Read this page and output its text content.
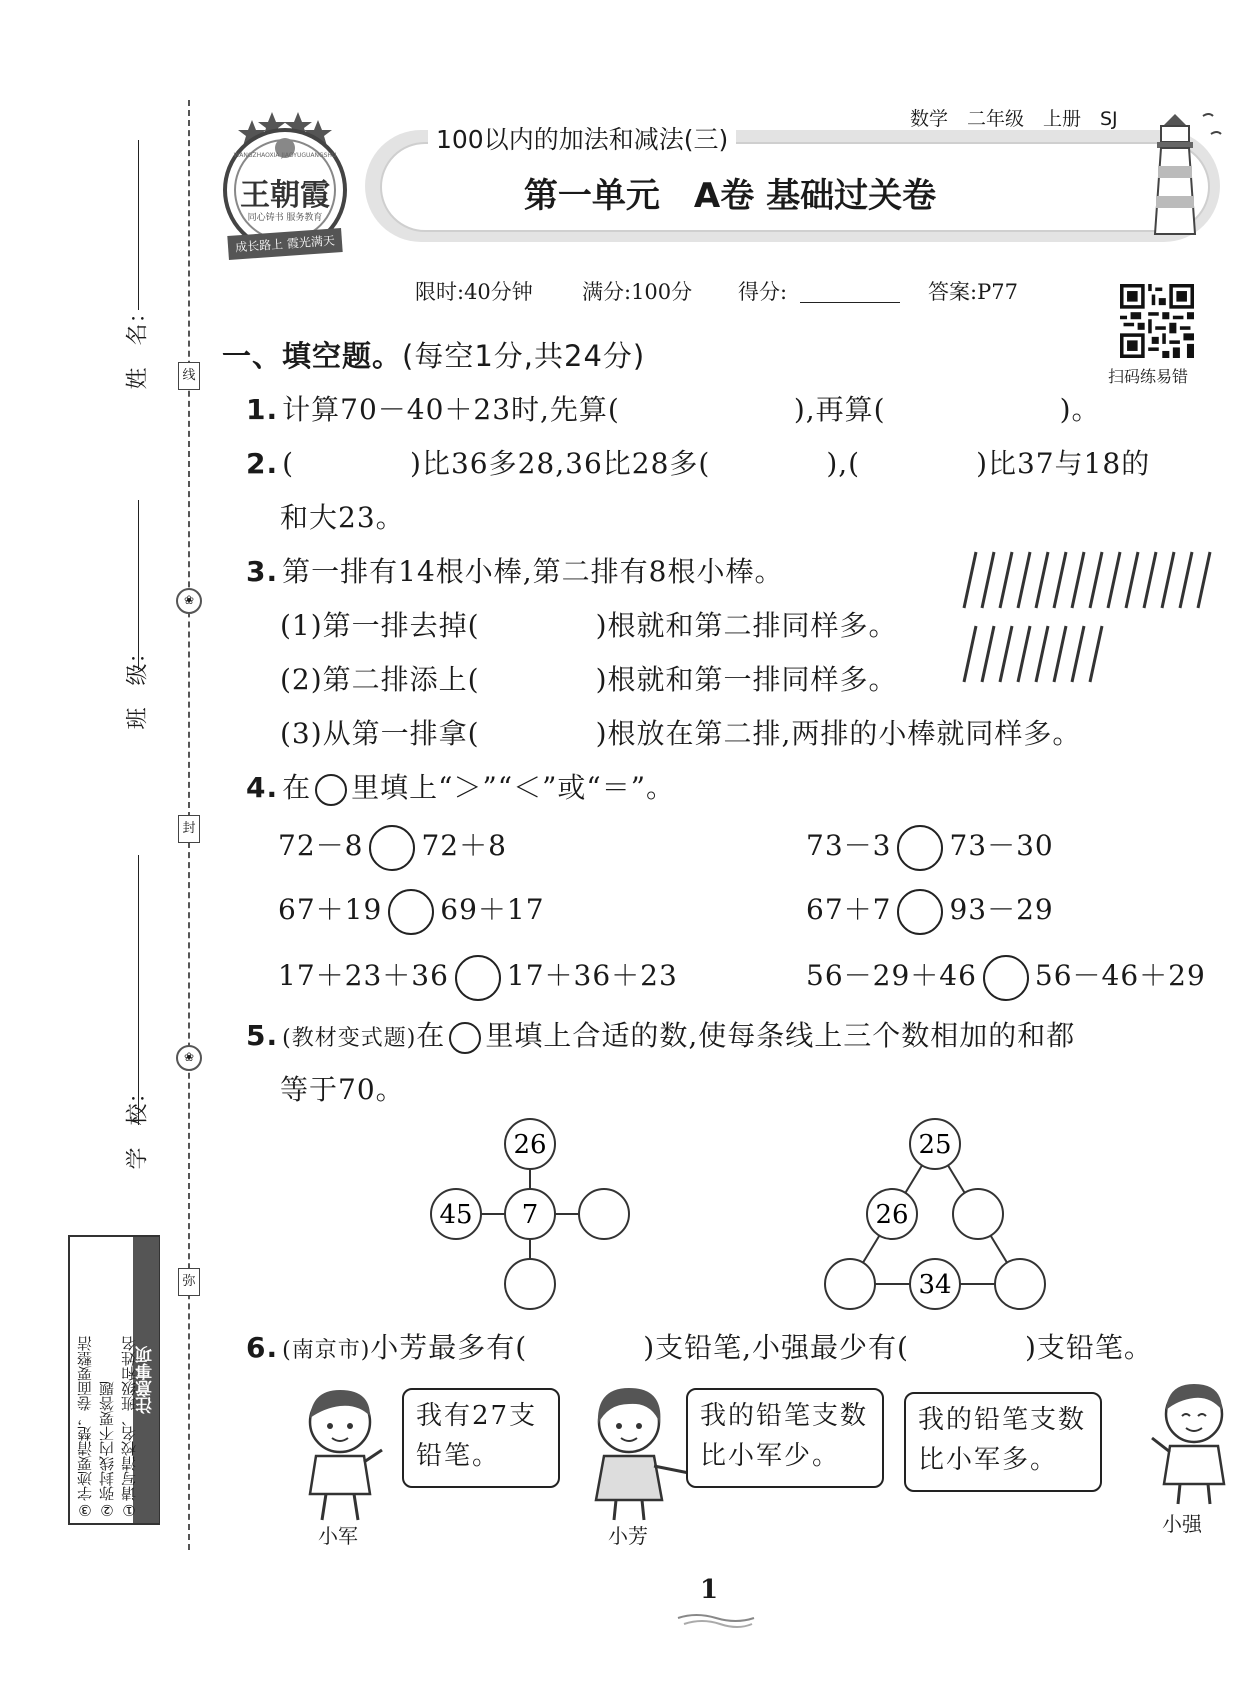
姓　名：
班　级：
学　校：
线
❀
封
❀
弥
注意事项
①请写清校名、班级和姓名
②弥封线内不要答题
③字迹要清楚，卷面要整洁
王朝霞
WANGZHAOXIA JIAOYUGUANGSHU
同心铸书 服务教育
成长路上 霞光满天
100以内的加法和减法(三)
数学　二年级　上册　SJ
第一单元　A卷 基础过关卷
限时:40分钟 满分:100分 得分:	答案:P77
扫码练易错
一、填空题。(每空1分,共24分)
1. 计算70－40＋23时,先算(　　　　　　),再算(　　　　　　)。
2. (　　　　)比36多28,36比28多(　　　　),(　　　　)比37与18的
和大23。
3. 第一排有14根小棒,第二排有8根小棒。
(1)第一排去掉(　　　　)根就和第二排同样多。
(2)第二排添上(　　　　)根就和第一排同样多。
(3)从第一排拿(　　　　)根放在第二排,两排的小棒就同样多。
4. 在 里填上“＞”“＜”或“＝”。
72－8 72＋8	73－3 73－30
67＋19 69＋17	67＋7 93－29
17＋23＋36 17＋36＋23	56－29＋46 56－46＋29
5. (教材变式题)在 里填上合适的数,使每条线上三个数相加的和都
等于70。
26
45 7
25
26
34
6. (南京市)小芳最多有(　　　　)支铅笔,小强最少有(　　　　)支铅笔。
我有27支
铅笔。
我的铅笔支数
比小军少。
我的铅笔支数
比小军多。
小军	小芳	小强
1
